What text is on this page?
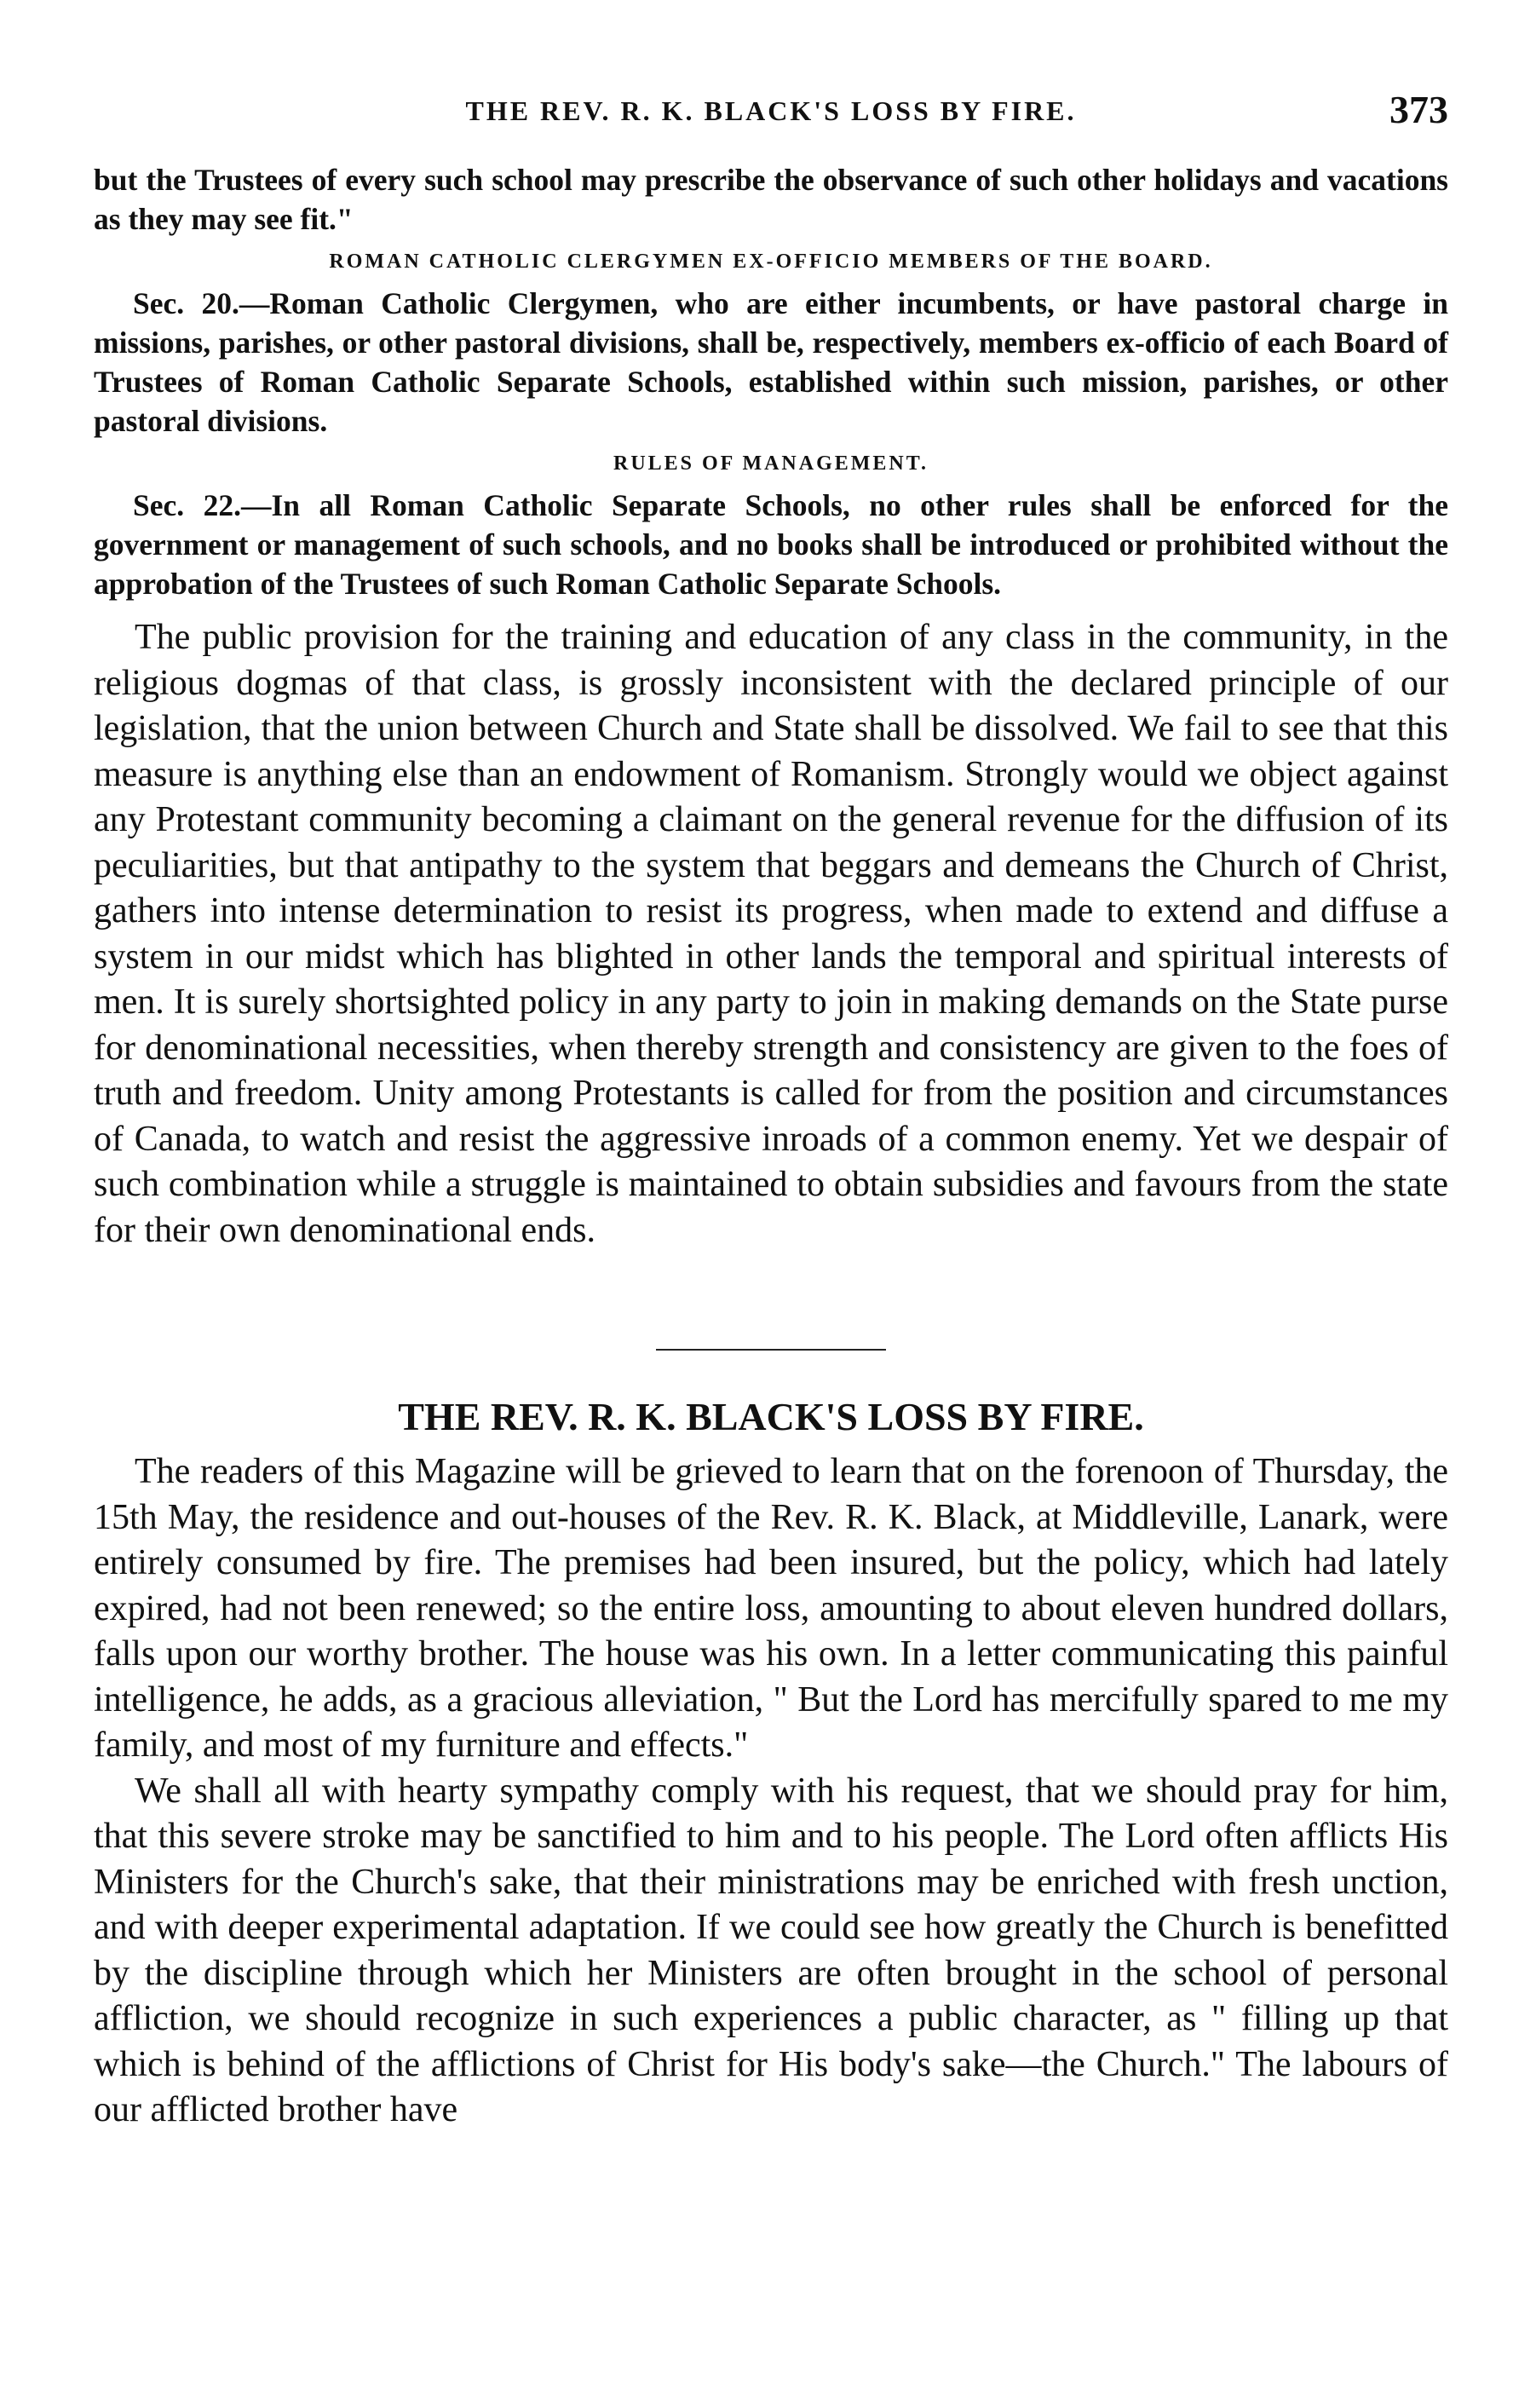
THE REV. R. K. BLACK'S LOSS BY FIRE.	373

but the Trustees of every such school may prescribe the observance of such other holidays and vacations as they may see fit."

ROMAN CATHOLIC CLERGYMEN EX-OFFICIO MEMBERS OF THE BOARD.

Sec. 20.—Roman Catholic Clergymen, who are either incumbents, or have pastoral charge in missions, parishes, or other pastoral divisions, shall be, respectively, members ex-officio of each Board of Trustees of Roman Catholic Separate Schools, established within such mission, parishes, or other pastoral divisions.

RULES OF MANAGEMENT.

Sec. 22.—In all Roman Catholic Separate Schools, no other rules shall be enforced for the government or management of such schools, and no books shall be introduced or prohibited without the approbation of the Trustees of such Roman Catholic Separate Schools.

The public provision for the training and education of any class in the community, in the religious dogmas of that class, is grossly inconsistent with the declared principle of our legislation, that the union between Church and State shall be dissolved. We fail to see that this measure is anything else than an endowment of Romanism. Strongly would we object against any Protestant community becoming a claimant on the general revenue for the diffusion of its peculiarities, but that antipathy to the system that beggars and demeans the Church of Christ, gathers into intense determination to resist its progress, when made to extend and diffuse a system in our midst which has blighted in other lands the temporal and spiritual interests of men. It is surely shortsighted policy in any party to join in making demands on the State purse for denominational necessities, when thereby strength and consistency are given to the foes of truth and freedom. Unity among Protestants is called for from the position and circumstances of Canada, to watch and resist the aggressive inroads of a common enemy. Yet we despair of such combination while a struggle is maintained to obtain subsidies and favours from the state for their own denominational ends.

THE REV. R. K. BLACK'S LOSS BY FIRE.

The readers of this Magazine will be grieved to learn that on the forenoon of Thursday, the 15th May, the residence and out-houses of the Rev. R. K. Black, at Middleville, Lanark, were entirely consumed by fire. The premises had been insured, but the policy, which had lately expired, had not been renewed; so the entire loss, amounting to about eleven hundred dollars, falls upon our worthy brother. The house was his own. In a letter communicating this painful intelligence, he adds, as a gracious alleviation, " But the Lord has mercifully spared to me my family, and most of my furniture and effects."

We shall all with hearty sympathy comply with his request, that we should pray for him, that this severe stroke may be sanctified to him and to his people. The Lord often afflicts His Ministers for the Church's sake, that their ministrations may be enriched with fresh unction, and with deeper experimental adaptation. If we could see how greatly the Church is benefitted by the discipline through which her Ministers are often brought in the school of personal affliction, we should recognize in such experiences a public character, as " filling up that which is behind of the afflictions of Christ for His body's sake—the Church." The labours of our afflicted brother have
